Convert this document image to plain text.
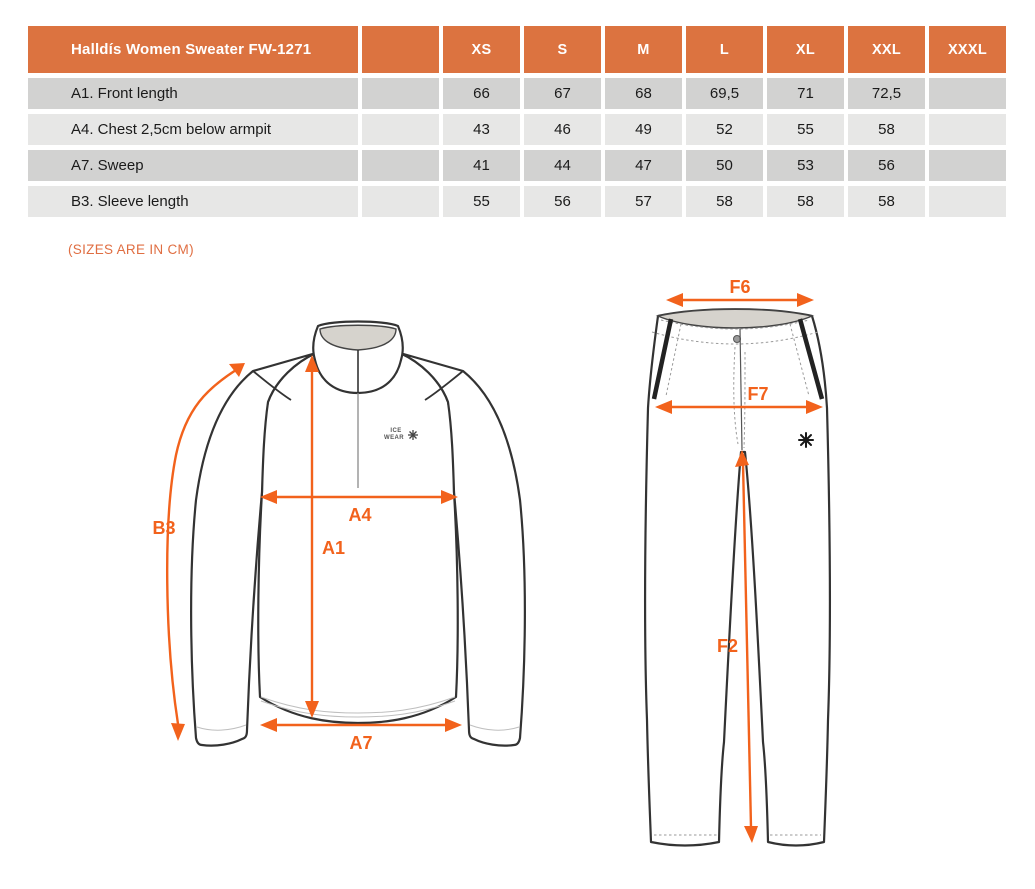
Halldís Women Sweater FW-1271	XS	S	M	L	XL	XXL	XXXL
A1. Front length	66	67	68	69,5	71	72,5
A4. Chest 2,5cm below armpit	43	46	49	52	55	58
A7. Sweep	41	44	47	50	53	56
B3. Sleeve length	55	56	57	58	58	58
(SIZES ARE IN CM)
ICE
WEAR
B3
A4
A1
A7
F6
F7
F2
